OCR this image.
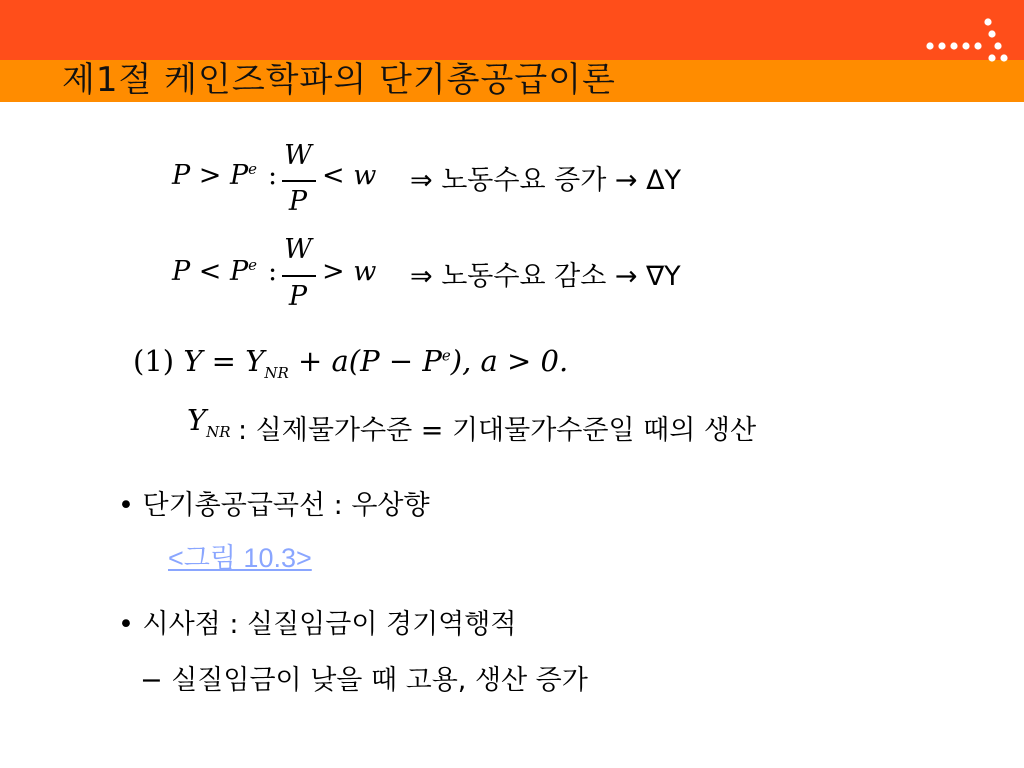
제1절 케인즈학파의 단기총공급이론
$P > P^e$ :
W
P
< w ⇒ 노동수요 증가 → ΔY
$P < P^e$ :
W
P
> w ⇒ 노동수요 감소 → ∇Y
(1) $Y = Y_{NR} + a(P - P^e)$, a > 0.
$Y_{NR}$ : 실제물가수준 = 기대물가수준일 때의 생산
• 단기총공급곡선 : 우상향
<그림 10.3>
• 시사점 : 실질임금이 경기역행적
− 실질임금이 낮을 때 고용, 생산 증가
